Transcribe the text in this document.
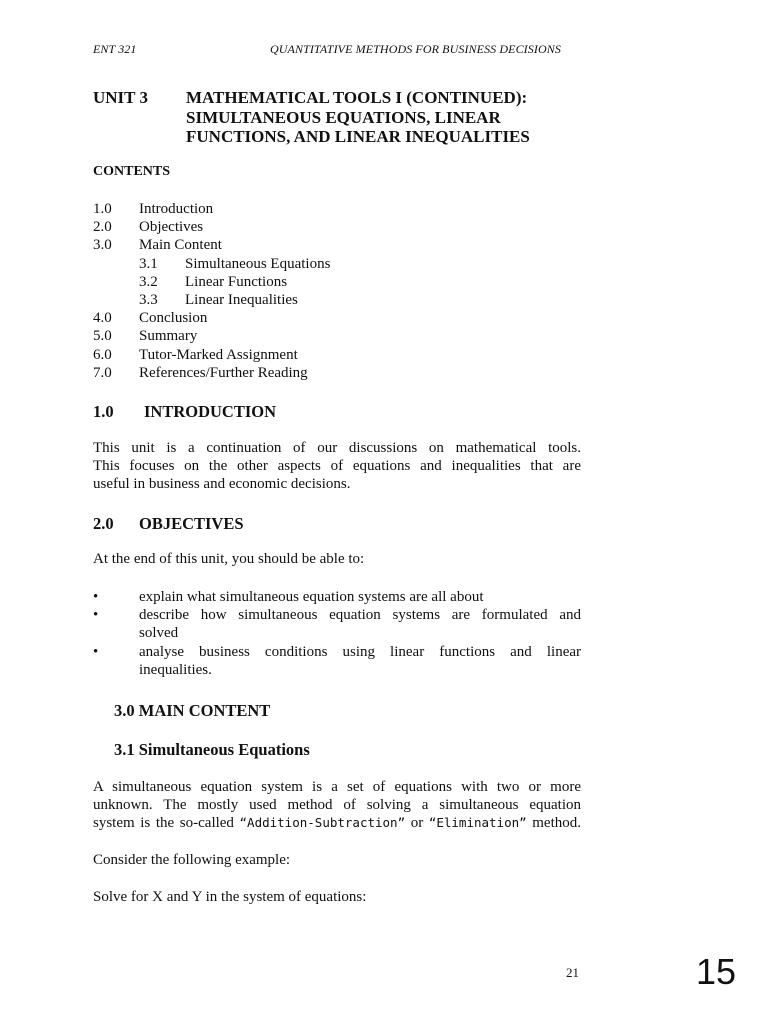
ENT 321	QUANTITATIVE METHODS FOR BUSINESS DECISIONS
UNIT 3 MATHEMATICAL TOOLS I (CONTINUED):
SIMULTANEOUS EQUATIONS, LINEAR
FUNCTIONS, AND LINEAR INEQUALITIES
CONTENTS
1.0 Introduction
2.0 Objectives
3.0 Main Content
3.1 Simultaneous Equations
3.2 Linear Functions
3.3 Linear Inequalities
4.0 Conclusion
5.0 Summary
6.0 Tutor-Marked Assignment
7.0 References/Further Reading
1.0 INTRODUCTION
This unit is a continuation of our discussions on mathematical tools.
This focuses on the other aspects of equations and inequalities that are
useful in business and economic decisions.
2.0 OBJECTIVES
At the end of this unit, you should be able to:
•	explain what simultaneous equation systems are all about
•	describe how simultaneous equation systems are formulated and
solved
•	analyse business conditions using linear functions and linear
inequalities.
3.0 MAIN CONTENT
3.1 Simultaneous Equations
A simultaneous equation system is a set of equations with two or more
unknown. The mostly used method of solving a simultaneous equation
system is the so-called “Addition-Subtraction” or “Elimination” method.
Consider the following example:
Solve for X and Y in the system of equations:
21	15
